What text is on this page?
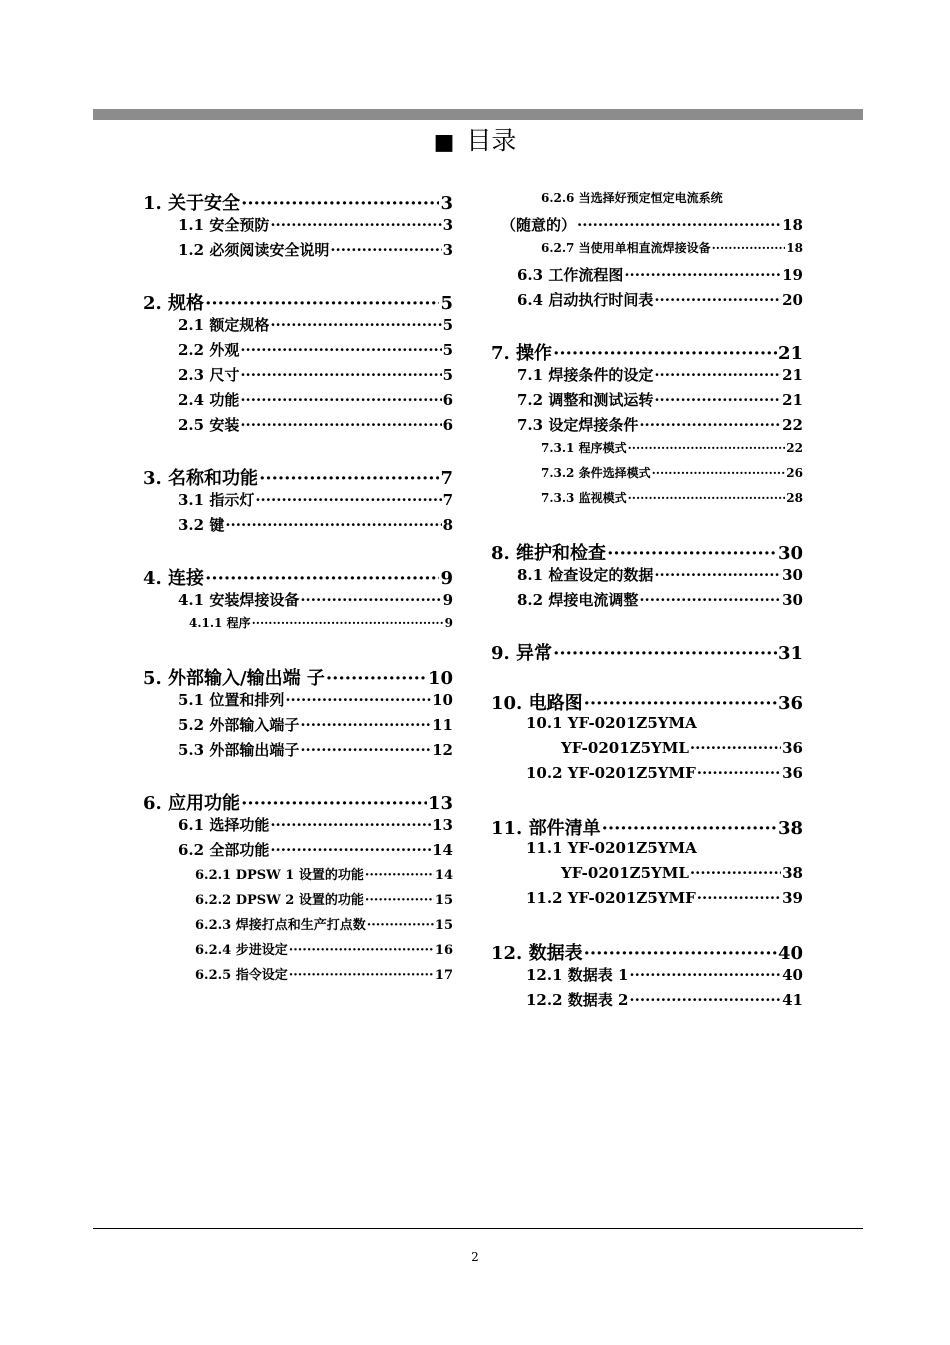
■ 目录
1. 关于安全 ·····	3
1.1 安全预防 ·····	3
1.2 必须阅读安全说明 ·····	3
2. 规格 ·····	5
2.1 额定规格 ·····	5
2.2 外观 ·····	5
2.3 尺寸 ·····	5
2.4 功能 ·····	6
2.5 安装 ·····	6
3. 名称和功能 ·····	7
3.1 指示灯 ·····	7
3.2 键 ·····	8
4. 连接 ·····	9
4.1 安装焊接设备 ·····	9
4.1.1 程序 ·····	9
5. 外部输入/输出端 子 ·····	10
5.1 位置和排列 ·····	10
5.2 外部输入端子 ·····	11
5.3 外部输出端子 ·····	12
6. 应用功能 ·····	13
6.1 选择功能 ·····	13
6.2 全部功能 ·····	14
6.2.1 DPSW 1 设置的功能 ·····	14
6.2.2 DPSW 2 设置的功能 ·····	15
6.2.3 焊接打点和生产打点数 ·····	15
6.2.4 步进设定 ·····	16
6.2.5 指令设定 ·····	17
6.2.6 当选择好预定恒定电流系统
（随意的） ·····	18
6.2.7 当使用单相直流焊接设备 ·····	18
6.3 工作流程图 ·····	19
6.4 启动执行时间表 ·····	20
7. 操作 ·····	21
7.1 焊接条件的设定 ·····	21
7.2 调整和测试运转 ·····	21
7.3 设定焊接条件 ·····	22
7.3.1 程序模式 ·····	22
7.3.2 条件选择模式 ·····	26
7.3.3 监视模式 ·····	28
8. 维护和检查 ·····	30
8.1 检查设定的数据 ·····	30
8.2 焊接电流调整 ·····	30
9. 异常 ·····	31
10. 电路图 ·····	36
10.1 YF-0201Z5YMA
YF-0201Z5YML ·····	36
10.2 YF-0201Z5YMF ·····	36
11. 部件清单 ·····	38
11.1 YF-0201Z5YMA
YF-0201Z5YML ·····	38
11.2 YF-0201Z5YMF ·····	39
12. 数据表 ·····	40
12.1 数据表 1 ·····	40
12.2 数据表 2 ·····	41
2
